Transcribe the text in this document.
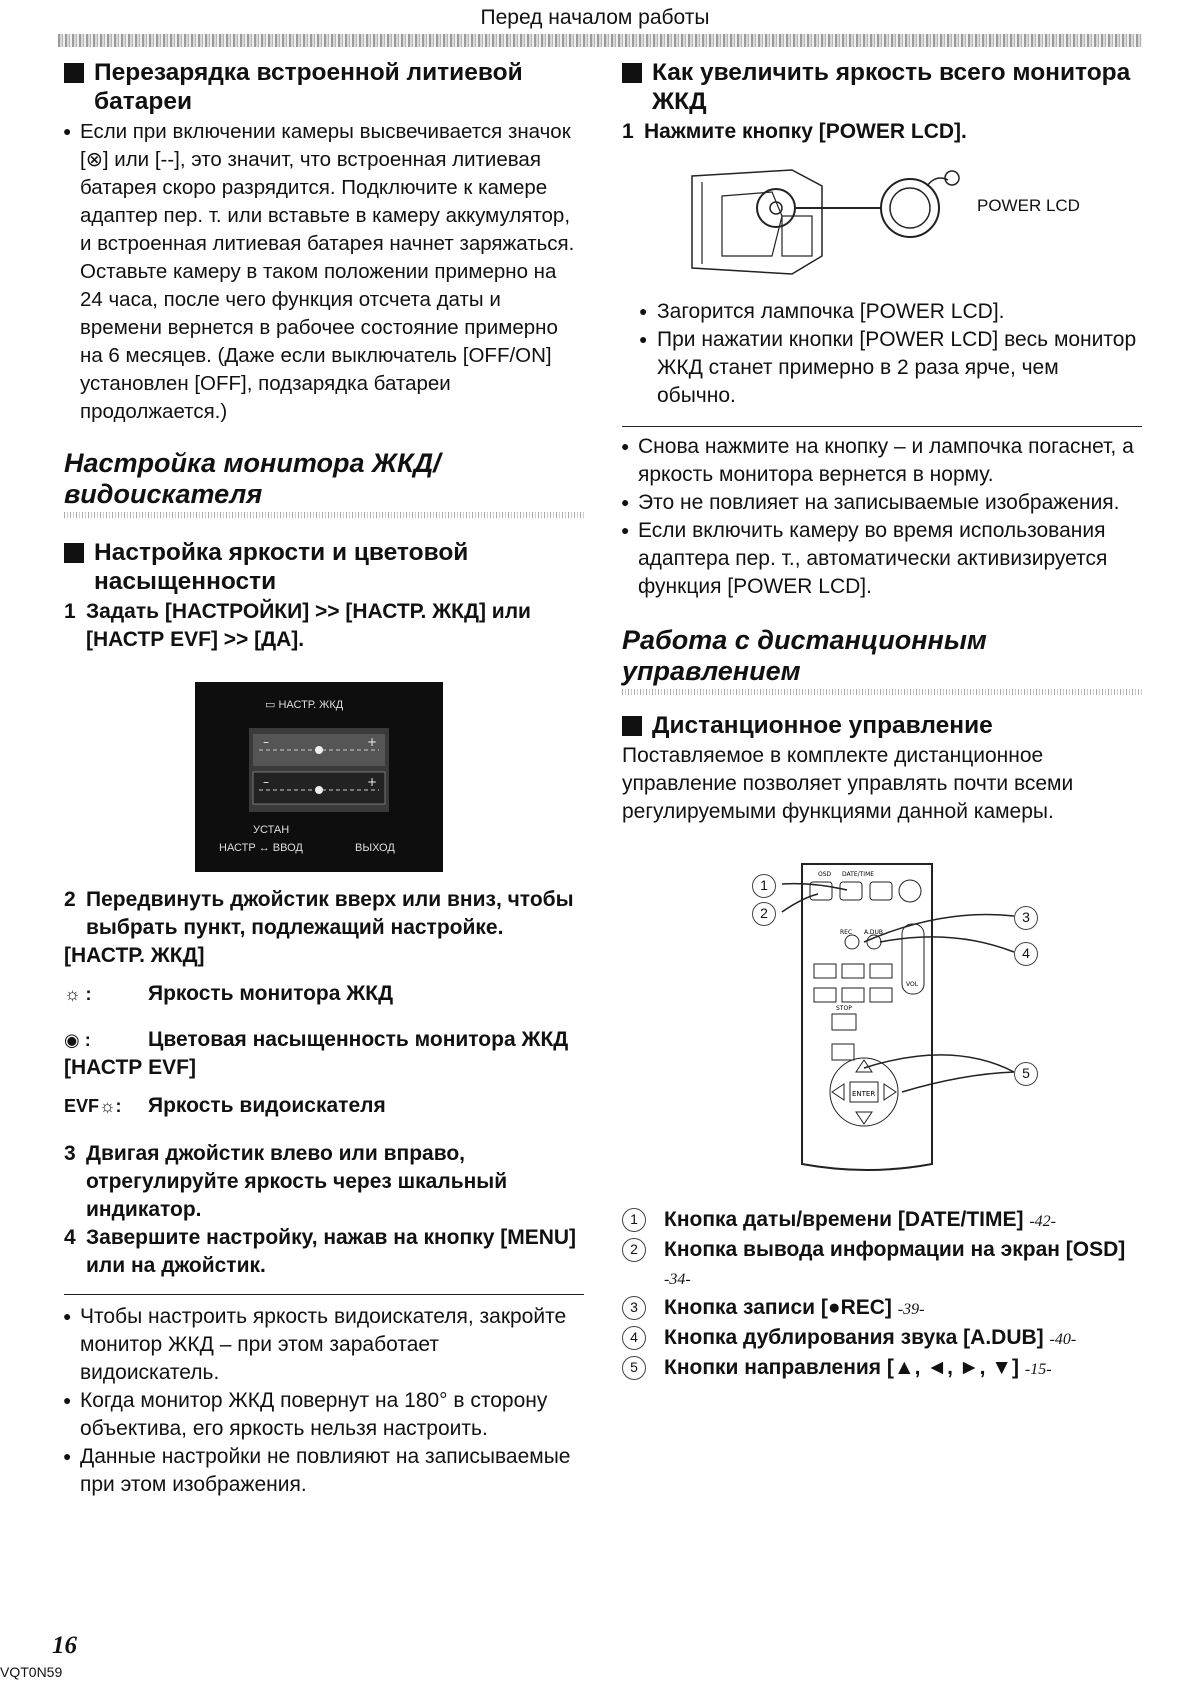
Перед началом работы
Перезарядка встроенной литиевой батареи
● Если при включении камеры высвечивается значок [⊗] или [--], это значит, что встроенная литиевая батарея скоро разрядится. Подключите к камере адаптер пер. т. или вставьте в камеру аккумулятор, и встроенная литиевая батарея начнет заряжаться. Оставьте камеру в таком положении примерно на 24 часа, после чего функция отсчета даты и времени вернется в рабочее состояние примерно на 6 месяцев. (Даже если выключатель [OFF/ON] установлен [OFF], подзарядка батареи продолжается.)
Настройка монитора ЖКД/ видоискателя
Настройка яркости и цветовой насыщенности
1 Задать [НАСТРОЙКИ] >> [НАСТР. ЖКД] или [НАСТР EVF] >> [ДА].
▭ НАСТР. ЖКД
–	+
–	+
УСТАН
НАСТР ↔ ВВОД	ВЫХОД
2 Передвинуть джойстик вверх или вниз, чтобы выбрать пункт, подлежащий настройке.
[НАСТР. ЖКД]
☼ :	Яркость монитора ЖКД
◉ :	Цветовая насыщенность монитора ЖКД
[НАСТР EVF]
EVF☼:	Яркость видоискателя
3 Двигая джойстик влево или вправо, отрегулируйте яркость через шкальный индикатор.
4 Завершите настройку, нажав на кнопку [MENU] или на джойстик.
● Чтобы настроить яркость видоискателя, закройте монитор ЖКД – при этом заработает видоискатель.
● Когда монитор ЖКД повернут на 180° в сторону объектива, его яркость нельзя настроить.
● Данные настройки не повлияют на записываемые при этом изображения.
Как увеличить яркость всего монитора ЖКД
1 Нажмите кнопку [POWER LCD].
POWER LCD
● Загорится лампочка [POWER LCD].
● При нажатии кнопки [POWER LCD] весь монитор ЖКД станет примерно в 2 раза ярче, чем обычно.
● Снова нажмите на кнопку – и лампочка погаснет, а яркость монитора вернется в норму.
● Это не повлияет на записываемые изображения.
● Если включить камеру во время использования адаптера пер. т., автоматически активизируется функция [POWER LCD].
Работа с дистанционным управлением
Дистанционное управление
Поставляемое в комплекте дистанционное управление позволяет управлять почти всеми регулируемыми функциями данной камеры.
OSD DATE/TIME
VOL
REC A.DUB
STOP
ENTER
1
2	3
4
5
1	Кнопка даты/времени [DATE/TIME] -42-
2	Кнопка вывода информации на экран [OSD] -34-
3	Кнопка записи [●REC] -39-
4	Кнопка дублирования звука [A.DUB] -40-
5	Кнопки направления [▲, ◄, ►, ▼] -15-
16
VQT0N59
